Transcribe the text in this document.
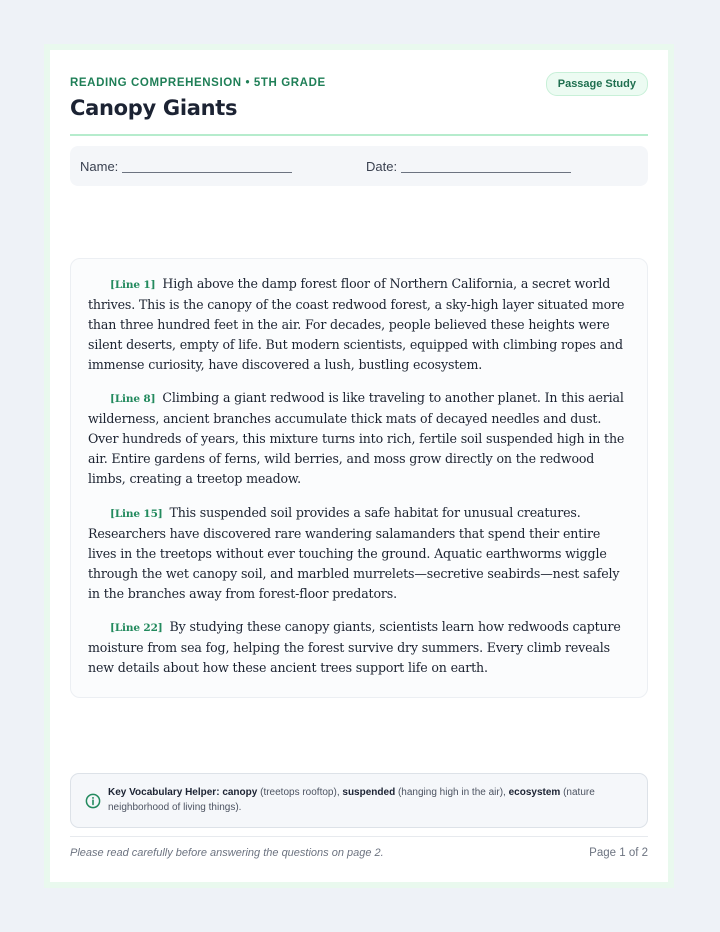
READING COMPREHENSION • 5TH GRADE	Passage Study
Canopy Giants
Name:	Date:

[Line 1] High above the damp forest floor of Northern California, a secret world thrives. This is the canopy of the coast redwood forest, a sky-high layer situated more than three hundred feet in the air. For decades, people believed these heights were silent deserts, empty of life. But modern scientists, equipped with climbing ropes and immense curiosity, have discovered a lush, bustling ecosystem.

[Line 8] Climbing a giant redwood is like traveling to another planet. In this aerial wilderness, ancient branches accumulate thick mats of decayed needles and dust. Over hundreds of years, this mixture turns into rich, fertile soil suspended high in the air. Entire gardens of ferns, wild berries, and moss grow directly on the redwood limbs, creating a treetop meadow.

[Line 15] This suspended soil provides a safe habitat for unusual creatures. Researchers have discovered rare wandering salamanders that spend their entire lives in the treetops without ever touching the ground. Aquatic earthworms wiggle through the wet canopy soil, and marbled murrelets—secretive seabirds—nest safely in the branches away from forest-floor predators.

[Line 22] By studying these canopy giants, scientists learn how redwoods capture moisture from sea fog, helping the forest survive dry summers. Every climb reveals new details about how these ancient trees support life on earth.

Key Vocabulary Helper: canopy (treetops rooftop), suspended (hanging high in the air), ecosystem (nature neighborhood of living things).
Please read carefully before answering the questions on page 2.	Page 1 of 2
